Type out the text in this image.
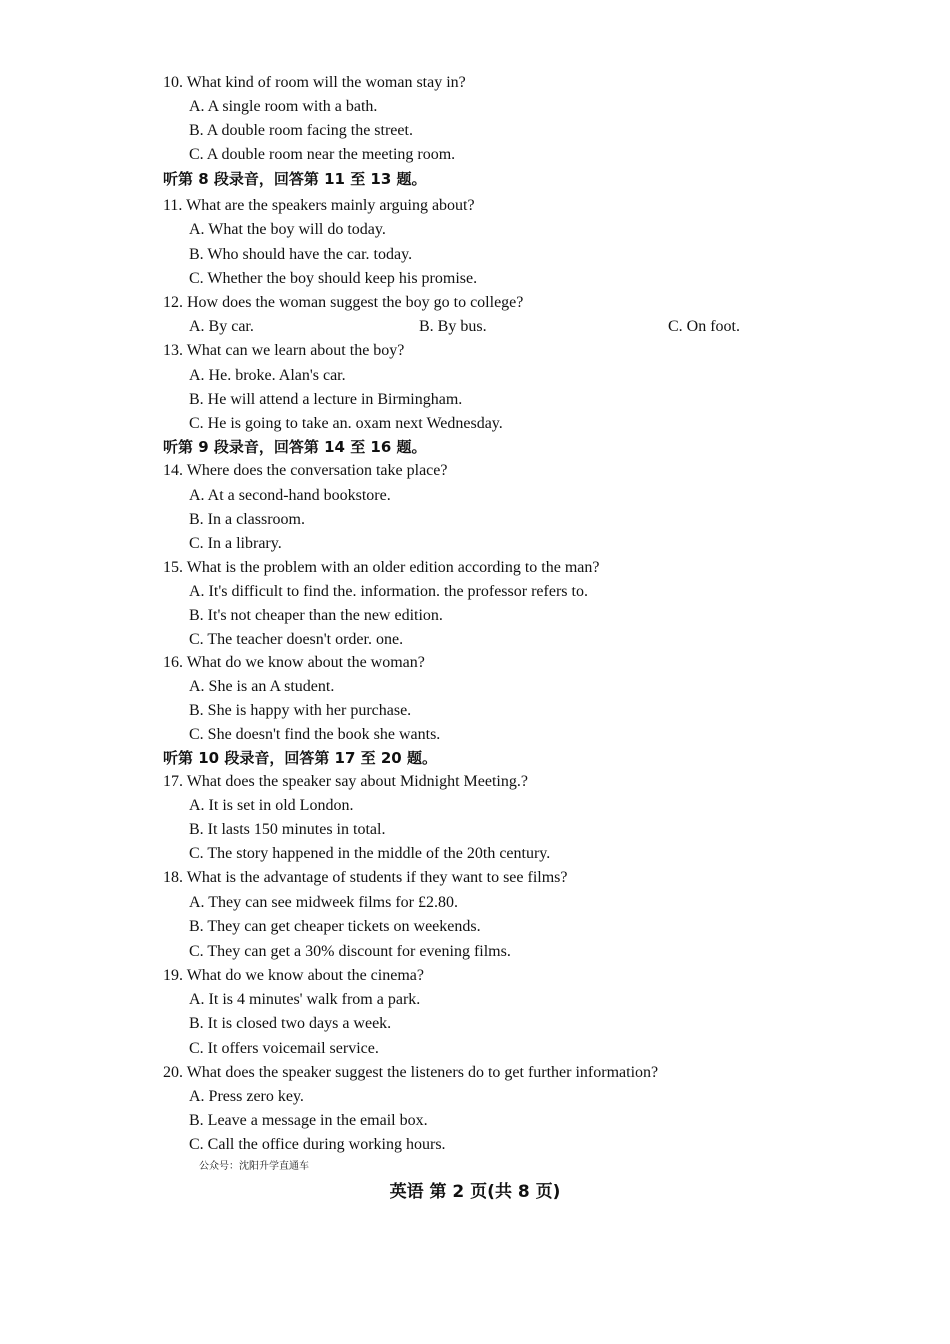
10. What kind of room will the woman stay in?
A. A single room with a bath.
B. A double room facing the street.
C. A double room near the meeting room.
听第 8 段录音，回答第 11 至 13 题。
11. What are the speakers mainly arguing about?
A. What the boy will do today.
B. Who should have the car. today.
C. Whether the boy should keep his promise.
12. How does the woman suggest the boy go to college?
A. By car.	B. By bus.	C. On foot.
13. What can we learn about the boy?
A. He. broke. Alan's car.
B. He will attend a lecture in Birmingham.
C. He is going to take an. oxam next Wednesday.
听第 9 段录音，回答第 14 至 16 题。
14. Where does the conversation take place?
A. At a second-hand bookstore.
B. In a classroom.
C. In a library.
15. What is the problem with an older edition according to the man?
A. It's difficult to find the. information. the professor refers to.
B. It's not cheaper than the new edition.
C. The teacher doesn't order. one.
16. What do we know about the woman?
A. She is an A student.
B. She is happy with her purchase.
C. She doesn't find the book she wants.
听第 10 段录音，回答第 17 至 20 题。
17. What does the speaker say about Midnight Meeting.?
A. It is set in old London.
B. It lasts 150 minutes in total.
C. The story happened in the middle of the 20th century.
18. What is the advantage of students if they want to see films?
A. They can see midweek films for £2.80.
B. They can get cheaper tickets on weekends.
C. They can get a 30% discount for evening films.
19. What do we know about the cinema?
A. It is 4 minutes' walk from a park.
B. It is closed two days a week.
C. It offers voicemail service.
20. What does the speaker suggest the listeners do to get further information?
A. Press zero key.
B. Leave a message in the email box.
C. Call the office during working hours.
公众号：沈阳升学直通车
英语 第 2 页(共 8 页)
